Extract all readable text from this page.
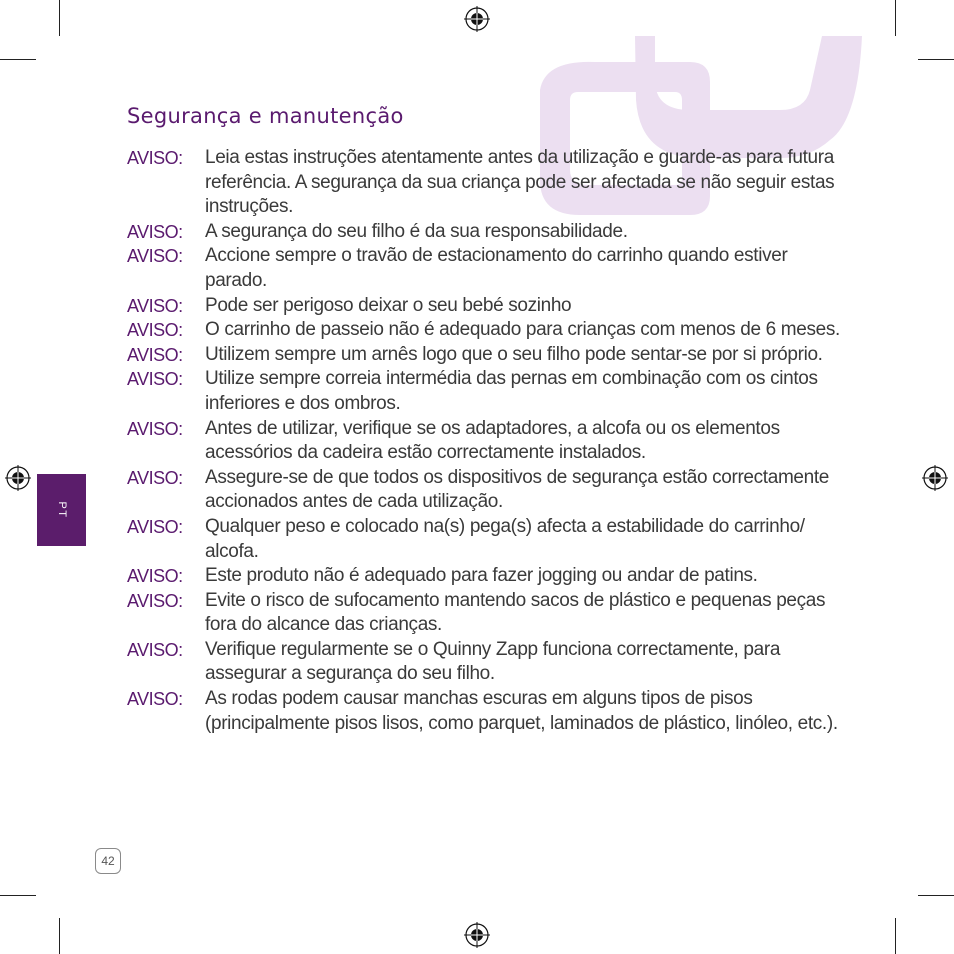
Segurança e manutenção
AVISO:	Leia estas instruções atentamente antes da utilização e guarde-as para futura referência. A segurança da sua criança pode ser afectada se não seguir estas instruções.
AVISO:	A segurança do seu filho é da sua responsabilidade.
AVISO:	Accione sempre o travão de estacionamento do carrinho quando estiver parado.
AVISO:	Pode ser perigoso deixar o seu bebé sozinho
AVISO:	O carrinho de passeio não é adequado para crianças com menos de 6 meses.
AVISO:	Utilizem sempre um arnês logo que o seu filho pode sentar-se por si próprio.
AVISO:	Utilize sempre correia intermédia das pernas em combinação com os cintos inferiores e dos ombros.
AVISO:	Antes de utilizar, verifique se os adaptadores, a alcofa ou os elementos acessórios da cadeira estão correctamente instalados.
AVISO:	Assegure-se de que todos os dispositivos de segurança estão correctamente accionados antes de cada utilização.
AVISO:	Qualquer peso e colocado na(s) pega(s) afecta a estabilidade do carrinho/ alcofa.
AVISO:	Este produto não é adequado para fazer jogging ou andar de patins.
AVISO:	Evite o risco de sufocamento mantendo sacos de plástico e pequenas peças fora do alcance das crianças.
AVISO:	Verifique regularmente se o Quinny Zapp funciona correctamente, para assegurar a segurança do seu filho.
AVISO:	As rodas podem causar manchas escuras em alguns tipos de pisos (principalmente pisos lisos, como parquet, laminados de plástico, linóleo, etc.).
PT
42
